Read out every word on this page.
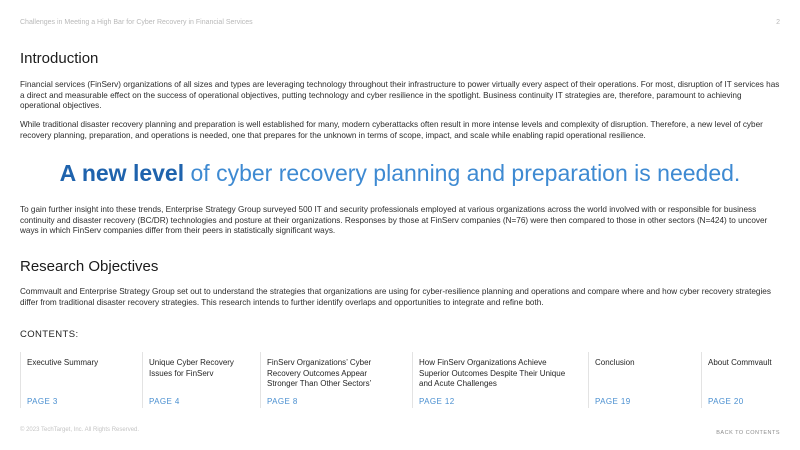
Challenges in Meeting a High Bar for Cyber Recovery in Financial Services	2
Introduction

Financial services (FinServ) organizations of all sizes and types are leveraging technology throughout their infrastructure to power virtually every aspect of their operations. For most, disruption of IT services has a direct and measurable effect on the success of operational objectives, putting technology and cyber resilience in the spotlight. Business continuity IT strategies are, therefore, paramount to achieving operational objectives.

While traditional disaster recovery planning and preparation is well established for many, modern cyberattacks often result in more intense levels and complexity of disruption. Therefore, a new level of cyber recovery planning, preparation, and operations is needed, one that prepares for the unknown in terms of scope, impact, and scale while enabling rapid operational resilience.

A new level of cyber recovery planning and preparation is needed.

To gain further insight into these trends, Enterprise Strategy Group surveyed 500 IT and security professionals employed at various organizations across the world involved with or responsible for business continuity and disaster recovery (BC/DR) technologies and posture at their organizations. Responses by those at FinServ companies (N=76) were then compared to those in other sectors (N=424) to uncover ways in which FinServ companies differ from their peers in statistically significant ways.

Research Objectives

Commvault and Enterprise Strategy Group set out to understand the strategies that organizations are using for cyber-resilience planning and operations and compare where and how cyber recovery strategies differ from traditional disaster recovery strategies. This research intends to further identify overlaps and opportunities to integrate and refine both.

CONTENTS:
Executive Summary
PAGE 3
Unique Cyber Recovery Issues for FinServ
PAGE 4
FinServ Organizations’ Cyber Recovery Outcomes Appear Stronger Than Other Sectors’
PAGE 8
How FinServ Organizations Achieve Superior Outcomes Despite Their Unique and Acute Challenges
PAGE 12
Conclusion
PAGE 19
About Commvault
PAGE 20
© 2023 TechTarget, Inc. All Rights Reserved.	BACK TO CONTENTS
